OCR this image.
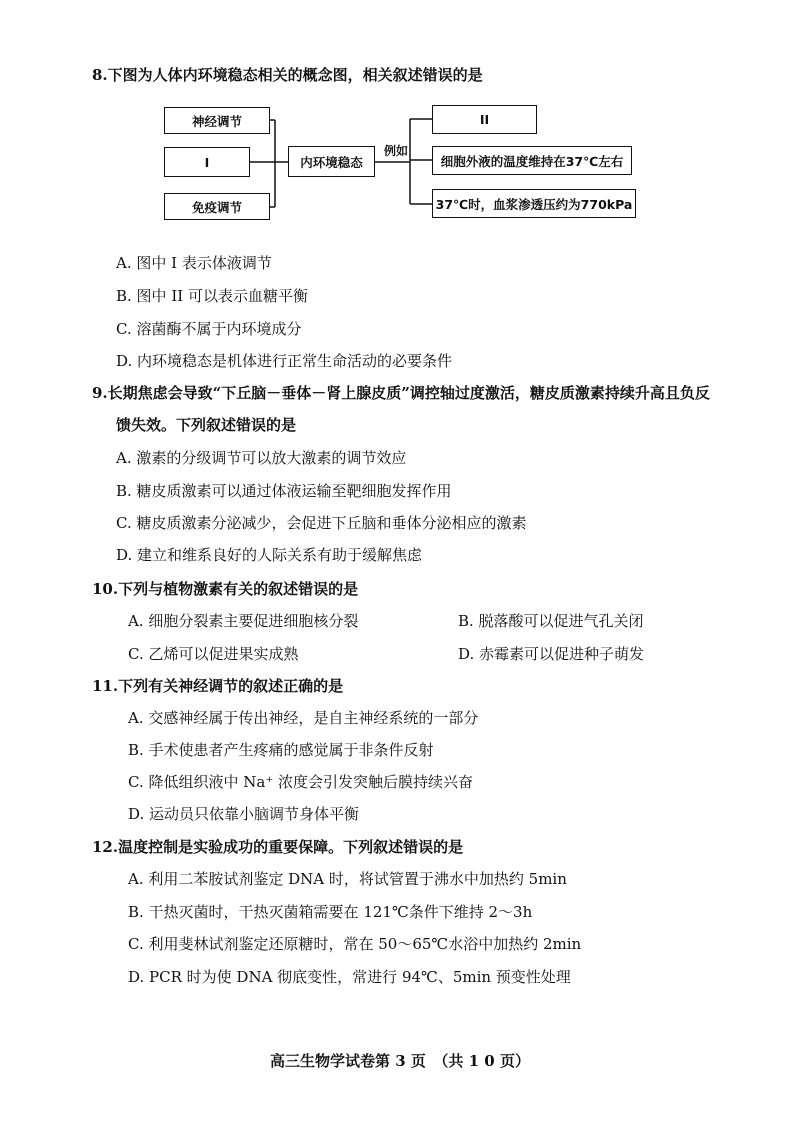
8.下图为人体内环境稳态相关的概念图，相关叙述错误的是
神经调节
I
免疫调节
内环境稳态
例如
II
细胞外液的温度维持在37℃左右
37℃时，血浆渗透压约为770kPa
A. 图中 I 表示体液调节
B. 图中 II 可以表示血糖平衡
C. 溶菌酶不属于内环境成分
D. 内环境稳态是机体进行正常生命活动的必要条件
9.长期焦虑会导致“下丘脑－垂体－肾上腺皮质”调控轴过度激活，糖皮质激素持续升高且负反
馈失效。下列叙述错误的是
A. 激素的分级调节可以放大激素的调节效应
B. 糖皮质激素可以通过体液运输至靶细胞发挥作用
C. 糖皮质激素分泌减少，会促进下丘脑和垂体分泌相应的激素
D. 建立和维系良好的人际关系有助于缓解焦虑
10.下列与植物激素有关的叙述错误的是
A. 细胞分裂素主要促进细胞核分裂	B. 脱落酸可以促进气孔关闭
C. 乙烯可以促进果实成熟	D. 赤霉素可以促进种子萌发
11.下列有关神经调节的叙述正确的是
A. 交感神经属于传出神经，是自主神经系统的一部分
B. 手术使患者产生疼痛的感觉属于非条件反射
C. 降低组织液中 Na⁺ 浓度会引发突触后膜持续兴奋
D. 运动员只依靠小脑调节身体平衡
12.温度控制是实验成功的重要保障。下列叙述错误的是
A. 利用二苯胺试剂鉴定 DNA 时，将试管置于沸水中加热约 5min
B. 干热灭菌时，干热灭菌箱需要在 121℃条件下维持 2～3h
C. 利用斐林试剂鉴定还原糖时，常在 50～65℃水浴中加热约 2min
D. PCR 时为使 DNA 彻底变性，常进行 94℃、5min 预变性处理
高三生物学试卷第 3 页　（共 1 0 页）
